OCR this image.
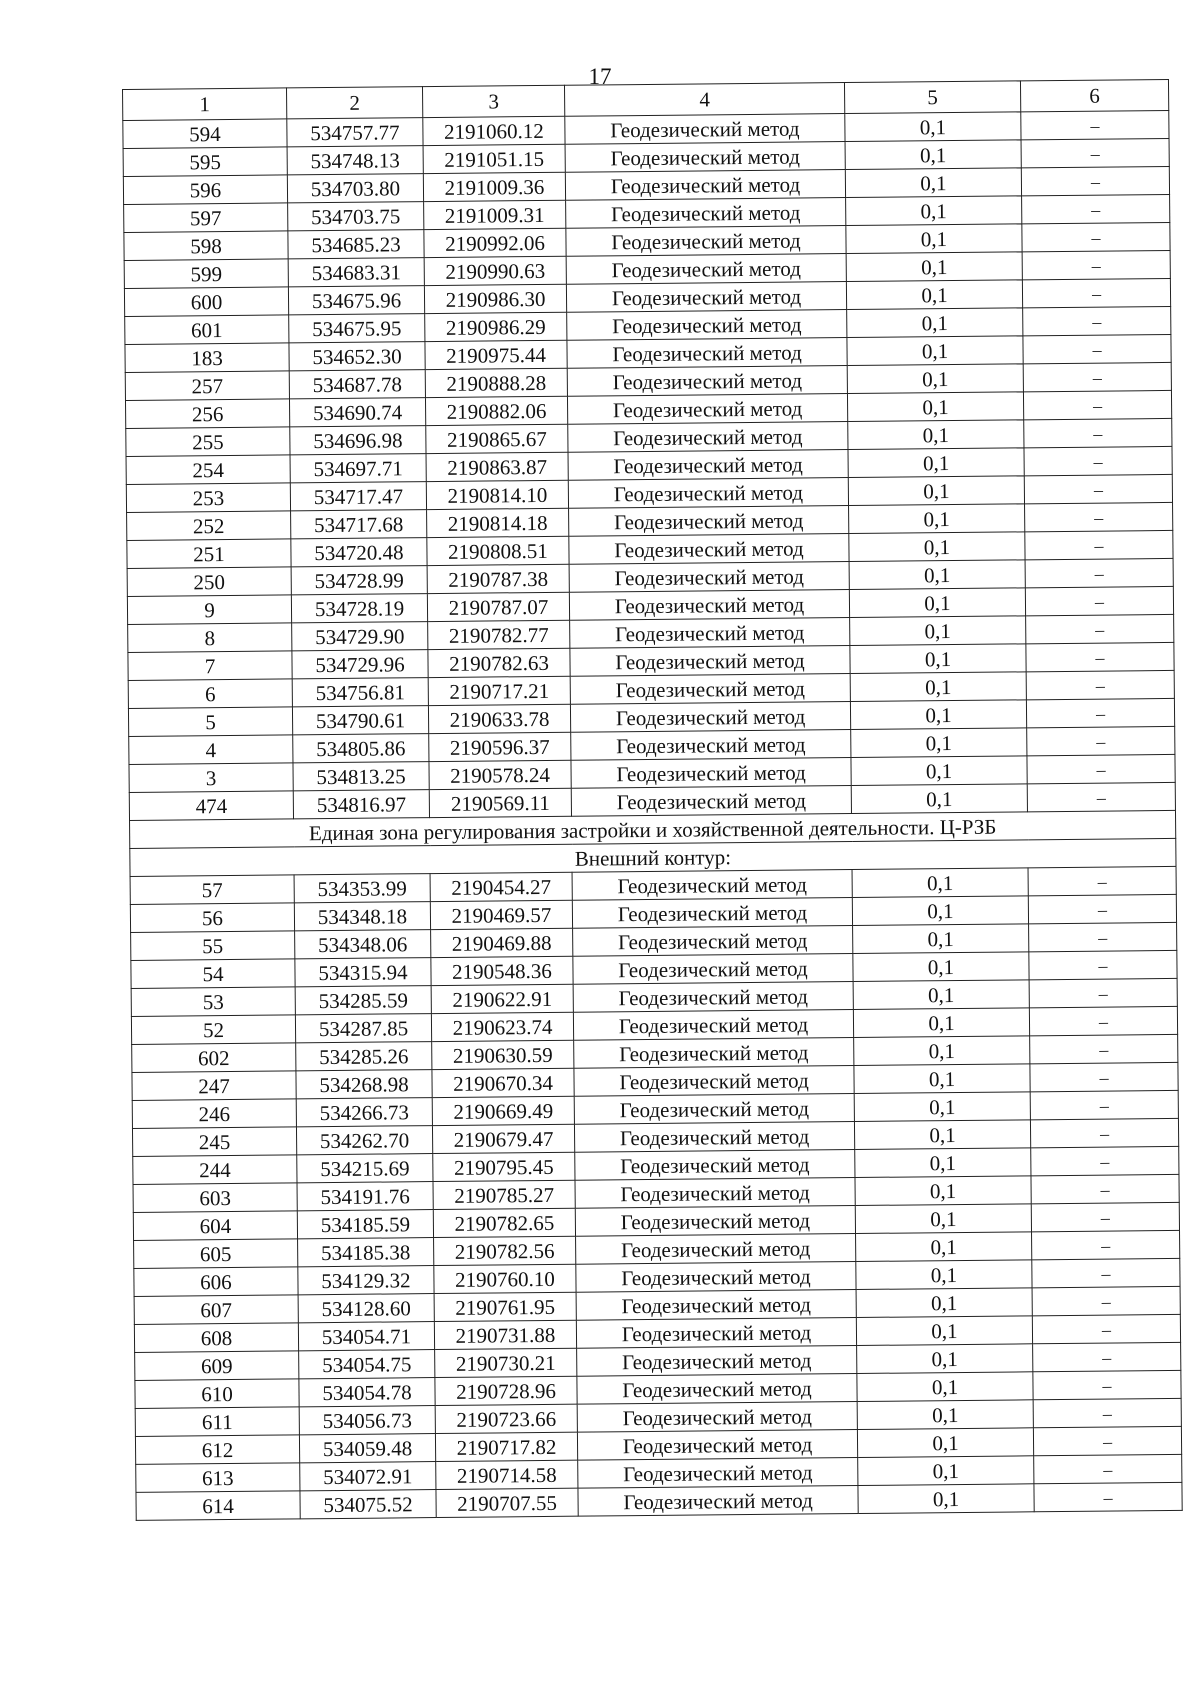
17
1	2	3	4	5	6
594	534757.77	2191060.12	Геодезический метод	0,1	–
595	534748.13	2191051.15	Геодезический метод	0,1	–
596	534703.80	2191009.36	Геодезический метод	0,1	–
597	534703.75	2191009.31	Геодезический метод	0,1	–
598	534685.23	2190992.06	Геодезический метод	0,1	–
599	534683.31	2190990.63	Геодезический метод	0,1	–
600	534675.96	2190986.30	Геодезический метод	0,1	–
601	534675.95	2190986.29	Геодезический метод	0,1	–
183	534652.30	2190975.44	Геодезический метод	0,1	–
257	534687.78	2190888.28	Геодезический метод	0,1	–
256	534690.74	2190882.06	Геодезический метод	0,1	–
255	534696.98	2190865.67	Геодезический метод	0,1	–
254	534697.71	2190863.87	Геодезический метод	0,1	–
253	534717.47	2190814.10	Геодезический метод	0,1	–
252	534717.68	2190814.18	Геодезический метод	0,1	–
251	534720.48	2190808.51	Геодезический метод	0,1	–
250	534728.99	2190787.38	Геодезический метод	0,1	–
9	534728.19	2190787.07	Геодезический метод	0,1	–
8	534729.90	2190782.77	Геодезический метод	0,1	–
7	534729.96	2190782.63	Геодезический метод	0,1	–
6	534756.81	2190717.21	Геодезический метод	0,1	–
5	534790.61	2190633.78	Геодезический метод	0,1	–
4	534805.86	2190596.37	Геодезический метод	0,1	–
3	534813.25	2190578.24	Геодезический метод	0,1	–
474	534816.97	2190569.11	Геодезический метод	0,1	–
Единая зона регулирования застройки и хозяйственной деятельности. Ц-РЗБ					
Внешний контур:					
57	534353.99	2190454.27	Геодезический метод	0,1	–
56	534348.18	2190469.57	Геодезический метод	0,1	–
55	534348.06	2190469.88	Геодезический метод	0,1	–
54	534315.94	2190548.36	Геодезический метод	0,1	–
53	534285.59	2190622.91	Геодезический метод	0,1	–
52	534287.85	2190623.74	Геодезический метод	0,1	–
602	534285.26	2190630.59	Геодезический метод	0,1	–
247	534268.98	2190670.34	Геодезический метод	0,1	–
246	534266.73	2190669.49	Геодезический метод	0,1	–
245	534262.70	2190679.47	Геодезический метод	0,1	–
244	534215.69	2190795.45	Геодезический метод	0,1	–
603	534191.76	2190785.27	Геодезический метод	0,1	–
604	534185.59	2190782.65	Геодезический метод	0,1	–
605	534185.38	2190782.56	Геодезический метод	0,1	–
606	534129.32	2190760.10	Геодезический метод	0,1	–
607	534128.60	2190761.95	Геодезический метод	0,1	–
608	534054.71	2190731.88	Геодезический метод	0,1	–
609	534054.75	2190730.21	Геодезический метод	0,1	–
610	534054.78	2190728.96	Геодезический метод	0,1	–
611	534056.73	2190723.66	Геодезический метод	0,1	–
612	534059.48	2190717.82	Геодезический метод	0,1	–
613	534072.91	2190714.58	Геодезический метод	0,1	–
614	534075.52	2190707.55	Геодезический метод	0,1	–
